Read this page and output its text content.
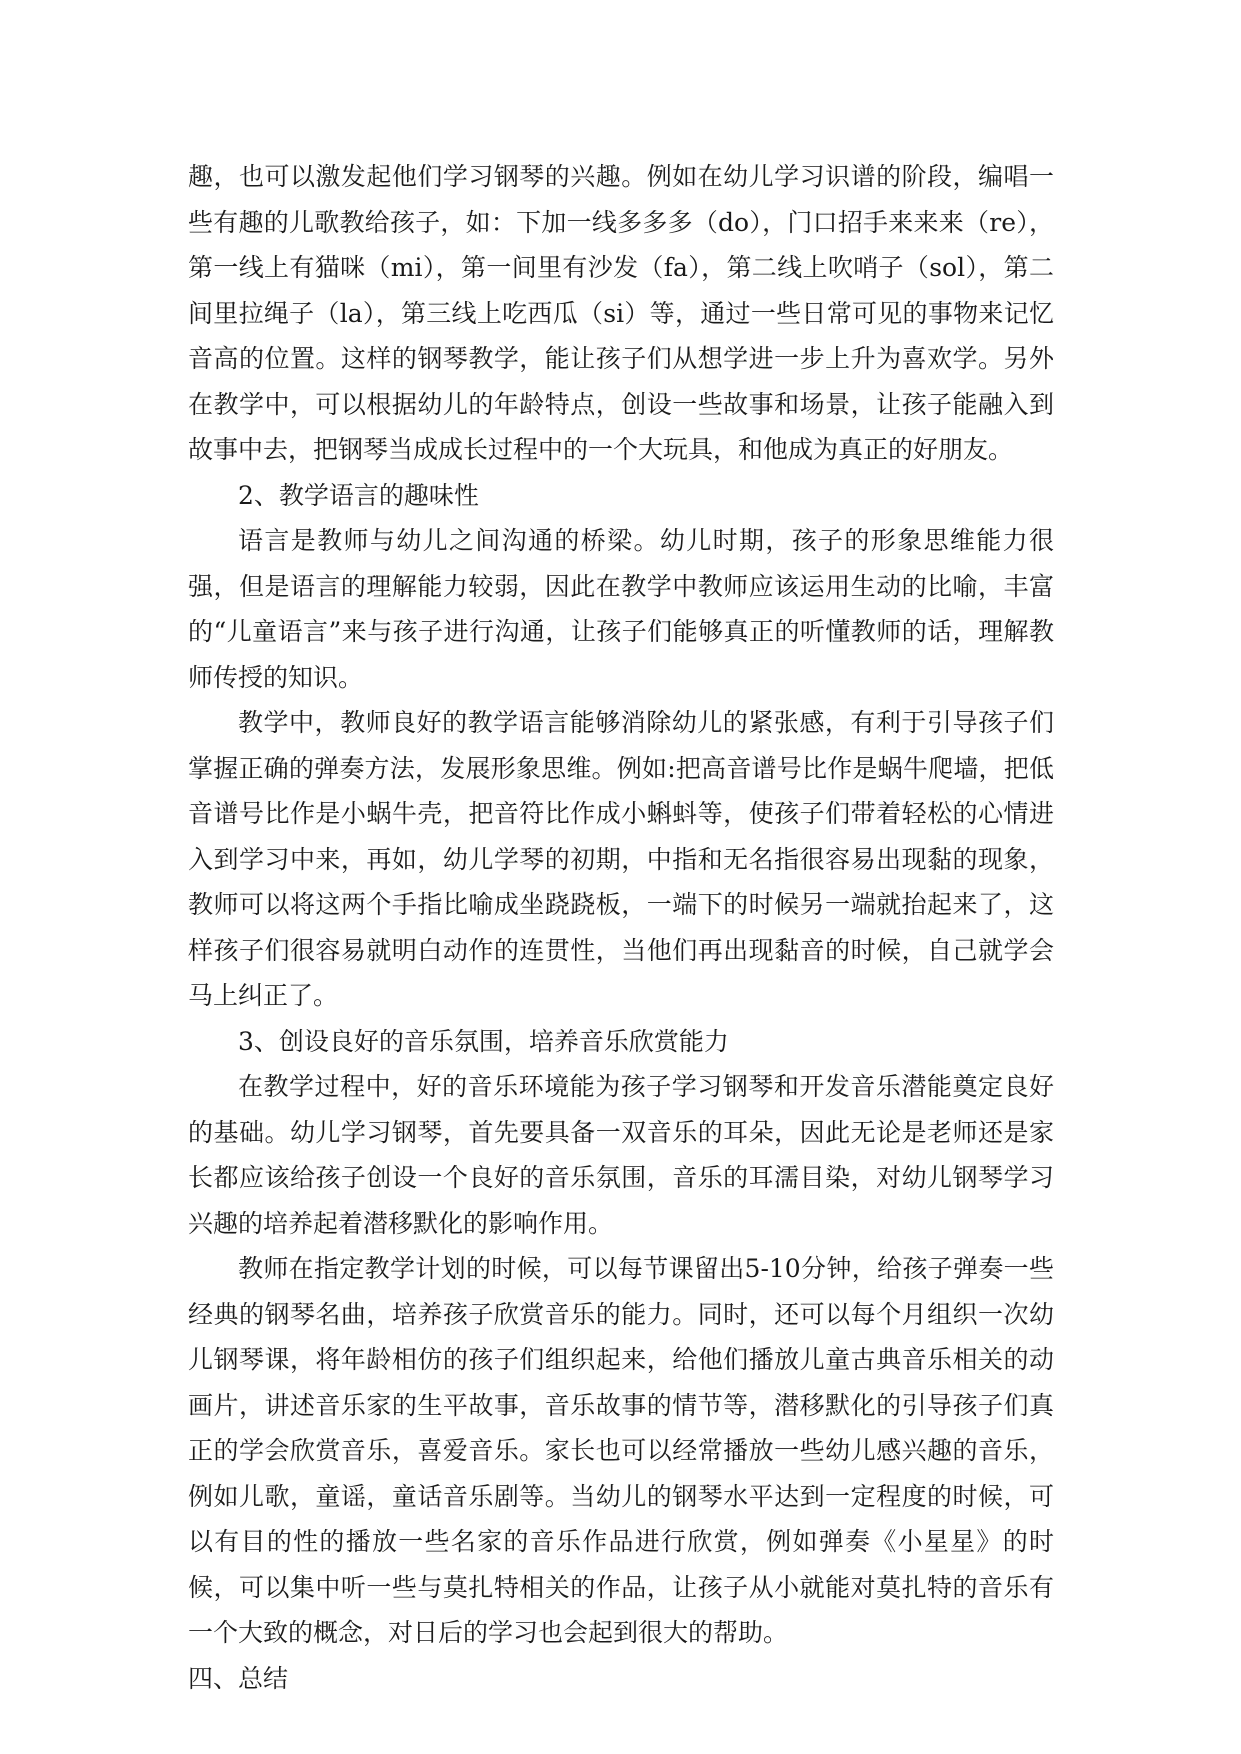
趣，也可以激发起他们学习钢琴的兴趣。例如在幼儿学习识谱的阶段，编唱一些有趣的儿歌教给孩子，如：下加一线多多多（do），门口招手来来来（re），第一线上有猫咪（mi），第一间里有沙发（fa），第二线上吹哨子（sol），第二间里拉绳子（la），第三线上吃西瓜（si）等，通过一些日常可见的事物来记忆音高的位置。这样的钢琴教学，能让孩子们从想学进一步上升为喜欢学。另外在教学中，可以根据幼儿的年龄特点，创设一些故事和场景，让孩子能融入到故事中去，把钢琴当成成长过程中的一个大玩具，和他成为真正的好朋友。

2、教学语言的趣味性

语言是教师与幼儿之间沟通的桥梁。幼儿时期，孩子的形象思维能力很强，但是语言的理解能力较弱，因此在教学中教师应该运用生动的比喻，丰富的“儿童语言”来与孩子进行沟通，让孩子们能够真正的听懂教师的话，理解教师传授的知识。

教学中，教师良好的教学语言能够消除幼儿的紧张感，有利于引导孩子们掌握正确的弹奏方法，发展形象思维。例如:把高音谱号比作是蜗牛爬墙，把低音谱号比作是小蜗牛壳，把音符比作成小蝌蚪等，使孩子们带着轻松的心情进入到学习中来，再如，幼儿学琴的初期，中指和无名指很容易出现黏的现象，教师可以将这两个手指比喻成坐跷跷板，一端下的时候另一端就抬起来了，这样孩子们很容易就明白动作的连贯性，当他们再出现黏音的时候，自己就学会马上纠正了。

3、创设良好的音乐氛围，培养音乐欣赏能力

在教学过程中，好的音乐环境能为孩子学习钢琴和开发音乐潜能奠定良好的基础。幼儿学习钢琴，首先要具备一双音乐的耳朵，因此无论是老师还是家长都应该给孩子创设一个良好的音乐氛围，音乐的耳濡目染，对幼儿钢琴学习兴趣的培养起着潜移默化的影响作用。

教师在指定教学计划的时候，可以每节课留出5-10分钟，给孩子弹奏一些经典的钢琴名曲，培养孩子欣赏音乐的能力。同时，还可以每个月组织一次幼儿钢琴课，将年龄相仿的孩子们组织起来，给他们播放儿童古典音乐相关的动画片，讲述音乐家的生平故事，音乐故事的情节等，潜移默化的引导孩子们真正的学会欣赏音乐，喜爱音乐。家长也可以经常播放一些幼儿感兴趣的音乐，例如儿歌，童谣，童话音乐剧等。当幼儿的钢琴水平达到一定程度的时候，可以有目的性的播放一些名家的音乐作品进行欣赏，例如弹奏《小星星》的时候，可以集中听一些与莫扎特相关的作品，让孩子从小就能对莫扎特的音乐有一个大致的概念，对日后的学习也会起到很大的帮助。

四、总结
